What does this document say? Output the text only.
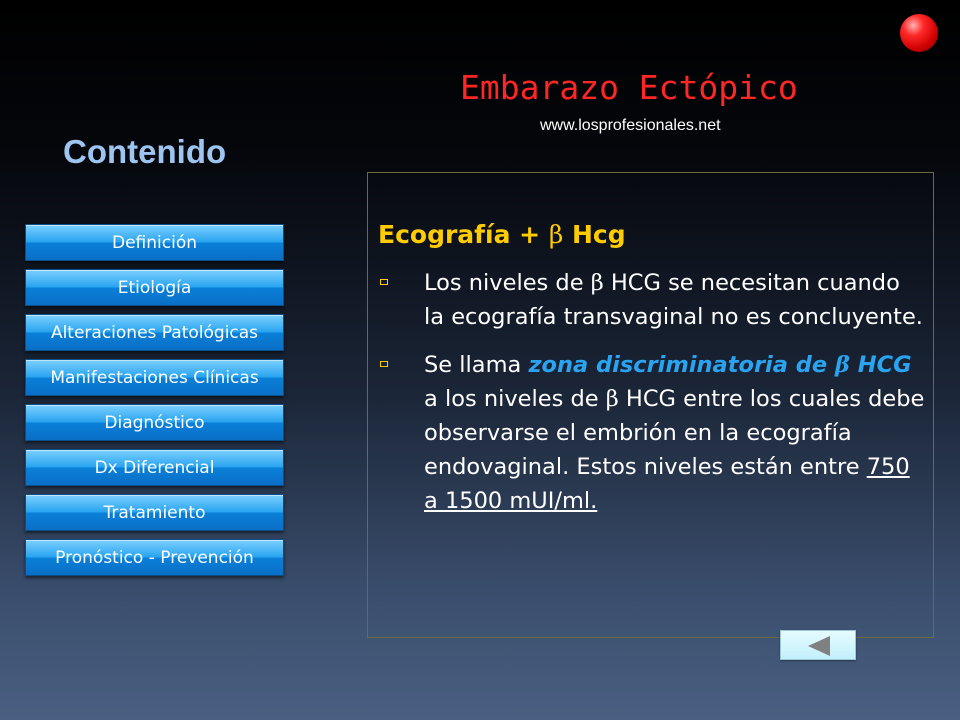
Embarazo Ectópico
www.losprofesionales.net
Contenido
Definición
Etiología
Alteraciones Patológicas
Manifestaciones Clínicas
Diagnóstico
Dx Diferencial
Tratamiento
Pronóstico - Prevención
Ecografía + β Hcg
Los niveles de β HCG se necesitan cuando la ecografía transvaginal no es concluyente.
Se llama zona discriminatoria de β HCG a los niveles de β HCG entre los cuales debe observarse el embrión en la ecografía endovaginal. Estos niveles están entre 750 a 1500 mUI/ml.
